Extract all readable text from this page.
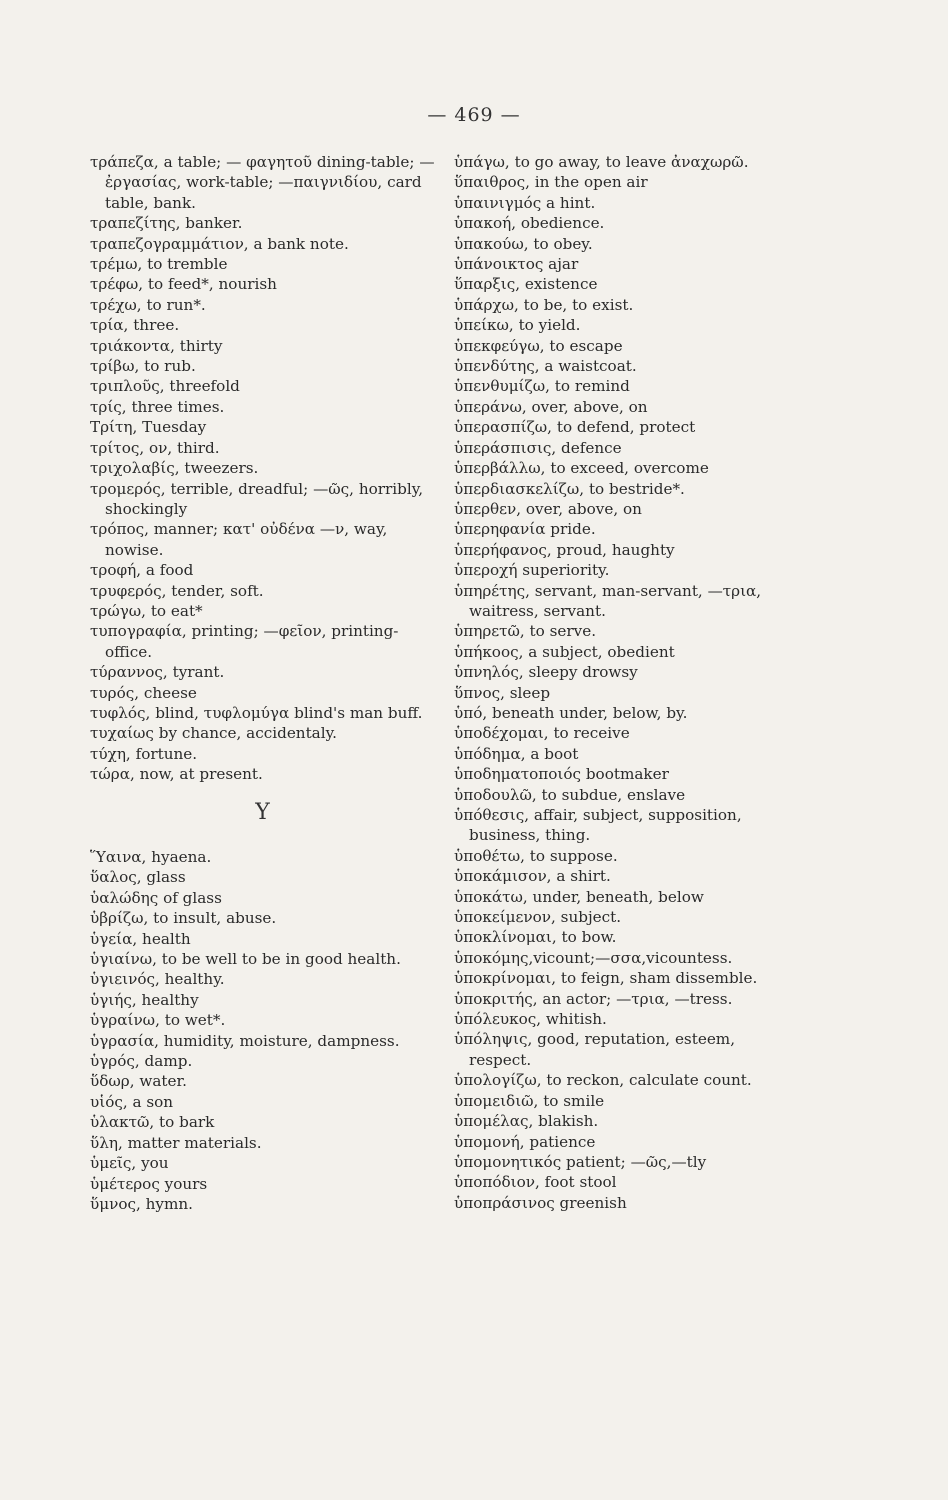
— 469 —
τράπεζα, a table; — φαγητοῦ dining-table; —ἐργασίας, work-table; —παιγνιδίου, card table, bank.
τραπεζίτης, banker.
τραπεζογραμμάτιον, a bank note.
τρέμω, to tremble
τρέφω, to feed*, nourish
τρέχω, to run*.
τρία, three.
τριάκοντα, thirty
τρίβω, to rub.
τριπλοῦς, threefold
τρίς, three times.
Τρίτη, Tuesday
τρίτος, ον, third.
τριχολαβίς, tweezers.
τρομερός, terrible, dreadful; —ῶς, horribly, shockingly
τρόπος, manner; κατ' οὐδένα —ν, way, nowise.
τροφή, a food
τρυφερός, tender, soft.
τρώγω, to eat*
τυπογραφία, printing; —φεῖον, printing-office.
τύραννος, tyrant.
τυρός, cheese
τυφλός, blind, τυφλομύγα blind's man buff.
τυχαίως by chance, accidentaly.
τύχη, fortune.
τώρα, now, at present.
Υ
Ὕαινα, hyaena.
ὕαλος, glass
ὑαλώδης of glass
ὑβρίζω, to insult, abuse.
ὑγεία, health
ὑγιαίνω, to be well to be in good health.
ὑγιεινός, healthy.
ὑγιής, healthy
ὑγραίνω, to wet*.
ὑγρασία, humidity, moisture, dampness.
ὑγρός, damp.
ὕδωρ, water.
υἱός, a son
ὑλακτῶ, to bark
ὕλη, matter materials.
ὑμεῖς, you
ὑμέτερος yours
ὕμνος, hymn.
ὑπάγω, to go away, to leave ἀναχωρῶ.
ὕπαιθρος, in the open air
ὑπαινιγμός a hint.
ὑπακοή, obedience.
ὑπακούω, to obey.
ὑπάνοικτος ajar
ὕπαρξις, existence
ὑπάρχω, to be, to exist.
ὑπείκω, to yield.
ὑπεκφεύγω, to escape
ὑπενδύτης, a waistcoat.
ὑπενθυμίζω, to remind
ὑπεράνω, over, above, on
ὑπερασπίζω, to defend, protect
ὑπεράσπισις, defence
ὑπερβάλλω, to exceed, overcome
ὑπερδιασκελίζω, to bestride*.
ὑπερθεν, over, above, on
ὑπερηφανία pride.
ὑπερήφανος, proud, haughty
ὑπεροχή superiority.
ὑπηρέτης, servant, man-servant, —τρια, waitress, servant.
ὑπηρετῶ, to serve.
ὑπήκοος, a subject, obedient
ὑπνηλός, sleepy drowsy
ὕπνος, sleep
ὑπό, beneath under, below, by.
ὑποδέχομαι, to receive
ὑπόδημα, a boot
ὑποδηματοποιός bootmaker
ὑποδουλῶ, to subdue, enslave
ὑπόθεσις, affair, subject, supposition, business, thing.
ὑποθέτω, to suppose.
ὑποκάμισον, a shirt.
ὑποκάτω, under, beneath, below
ὑποκείμενον, subject.
ὑποκλίνομαι, to bow.
ὑποκόμης,vicount;—σσα,vicountess.
ὑποκρίνομαι, to feign, sham dissemble.
ὑποκριτής, an actor; —τρια, —tress.
ὑπόλευκος, whitish.
ὑπόληψις, good, reputation, esteem, respect.
ὑπολογίζω, to reckon, calculate count.
ὑπομειδιῶ, to smile
ὑπομέλας, blakish.
ὑπομονή, patience
ὑπομονητικός patient; —ῶς,—tly
ὑποπόδιον, foot stool
ὑποπράσινος greenish
